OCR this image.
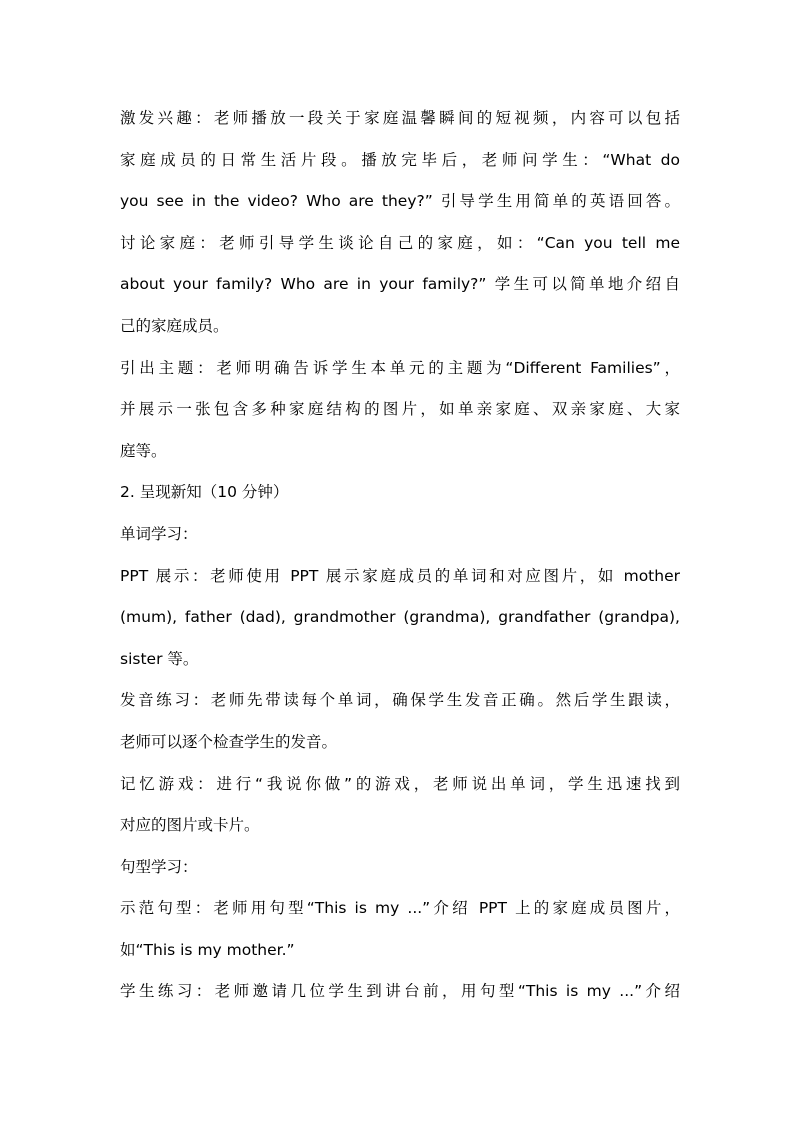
激发兴趣：老师播放一段关于家庭温馨瞬间的短视频，内容可以包括
家庭成员的日常生活片段。播放完毕后，老师问学生：“What do
you see in the video? Who are they?” 引导学生用简单的英语回答。
讨论家庭：老师引导学生谈论自己的家庭，如：“Can you tell me
about your family? Who are in your family?” 学生可以简单地介绍自
己的家庭成员。
引出主题：老师明确告诉学生本单元的主题为“Different Families”，
并展示一张包含多种家庭结构的图片，如单亲家庭、双亲家庭、大家
庭等。
2. 呈现新知（10 分钟）
单词学习：
PPT 展示：老师使用 PPT 展示家庭成员的单词和对应图片，如 mother
(mum), father (dad), grandmother (grandma), grandfather (grandpa),
sister 等。
发音练习：老师先带读每个单词，确保学生发音正确。然后学生跟读，
老师可以逐个检查学生的发音。
记忆游戏：进行“我说你做”的游戏，老师说出单词，学生迅速找到
对应的图片或卡片。
句型学习：
示范句型：老师用句型“This is my ...”介绍 PPT 上的家庭成员图片，
如“This is my mother.”
学生练习：老师邀请几位学生到讲台前，用句型“This is my ...”介绍
